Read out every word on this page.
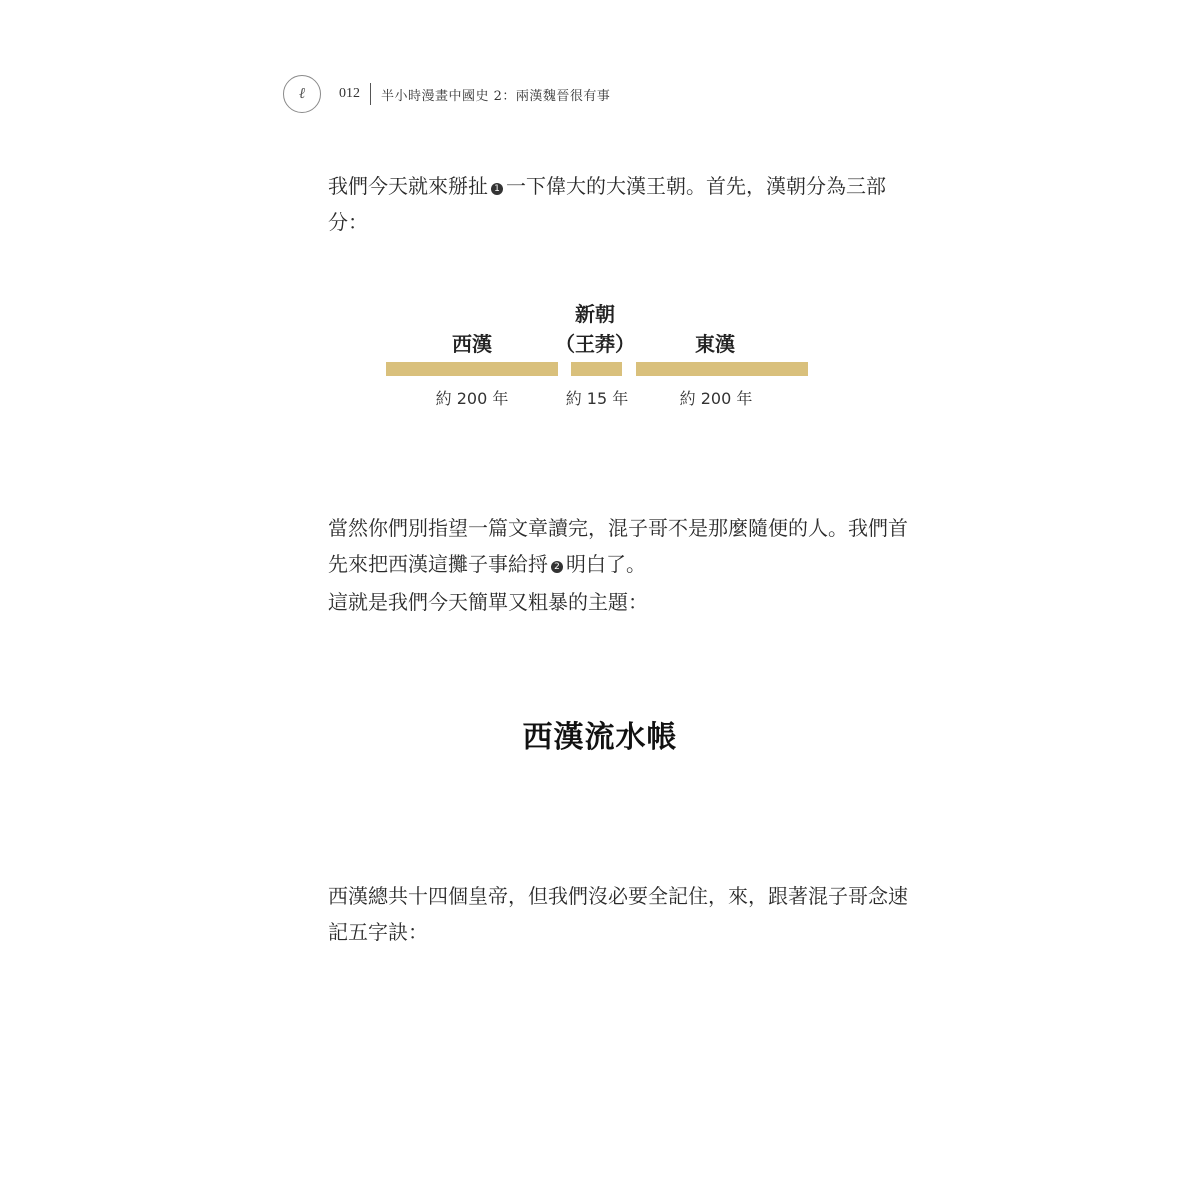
ℓ	012 半小時漫畫中國史 2：兩漢魏晉很有事

我們今天就來掰扯 1 一下偉大的大漢王朝。首先，漢朝分為三部分：

西漢
新朝
（王莽）	東漢
約 200 年	約 15 年	約 200 年

當然你們別指望一篇文章讀完，混子哥不是那麼隨便的人。我們首先來把西漢這攤子事給捋 2 明白了。

這就是我們今天簡單又粗暴的主題：

西漢流水帳

西漢總共十四個皇帝，但我們沒必要全記住，來，跟著混子哥念速記五字訣：
